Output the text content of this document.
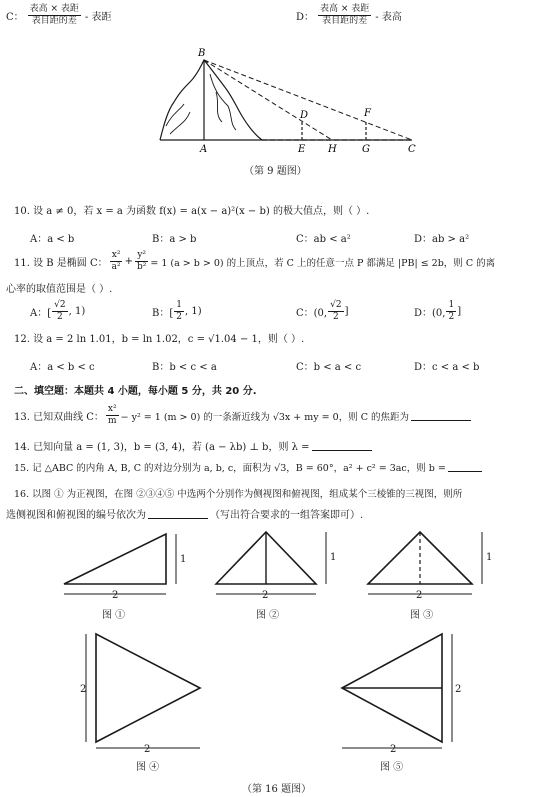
C： $\frac{\text{表高 × 表距}}{\text{表目距的差}}$ - 表距	D： $\frac{\text{表高 × 表距}}{\text{表目距的差}}$ - 表高
B
A
D
E
F
H	G	C
（第 9 题图）
10. 设 a ≠ 0，若 x = a 为函数 f(x) = a(x − a)²(x − b) 的极大值点，则（ ）.
A：a < b	B：a > b	C：ab < a²	D：ab > a²
11. 设 B 是椭圆 C： $\frac{\text{x²}}{\text{a²}} + \frac{\text{y²}}{\text{b²}} = 1$ (a > b > 0) 的上顶点，若 C 上的任意一点 P 都满足 |PB| ≤ 2b，则 C 的离
心率的取值范围是（ ）.
A：[ $\frac{√2}{2}$ , 1)	B：[ $\frac{1}{2}$ , 1)	C：(0, $\frac{√2}{2}$ ]	D：(0, $\frac{1}{2}$ ]
12. 设 a = 2 ln 1.01，b = ln 1.02，c = √1.04 − 1，则（ ）.
A：a < b < c	B：b < c < a	C：b < a < c	D：c < a < b
二、填空题：本题共 4 小题，每小题 5 分，共 20 分.
13. 已知双曲线 C： $\frac{\text{x²}}{m} - y^2 = 1$ (m > 0) 的一条渐近线为 √3x + my = 0，则 C 的焦距为
14. 已知向量 a = (1, 3)，b = (3, 4)，若 (a − λb) ⊥ b，则 λ =
15. 记 △ABC 的内角 A, B, C 的对边分别为 a, b, c，面积为 √3，B = 60°，a² + c² = 3ac，则 b =
16. 以图 ① 为正视图，在图 ②③④⑤ 中选两个分别作为侧视图和俯视图，组成某个三棱锥的三视图，则所
选侧视图和俯视图的编号依次为	（写出符合要求的一组答案即可）.
2
1
图 ①
2
1
图 ②
2
1
图 ③
2
2
图 ④
2
2
图 ⑤
（第 16 题图）
